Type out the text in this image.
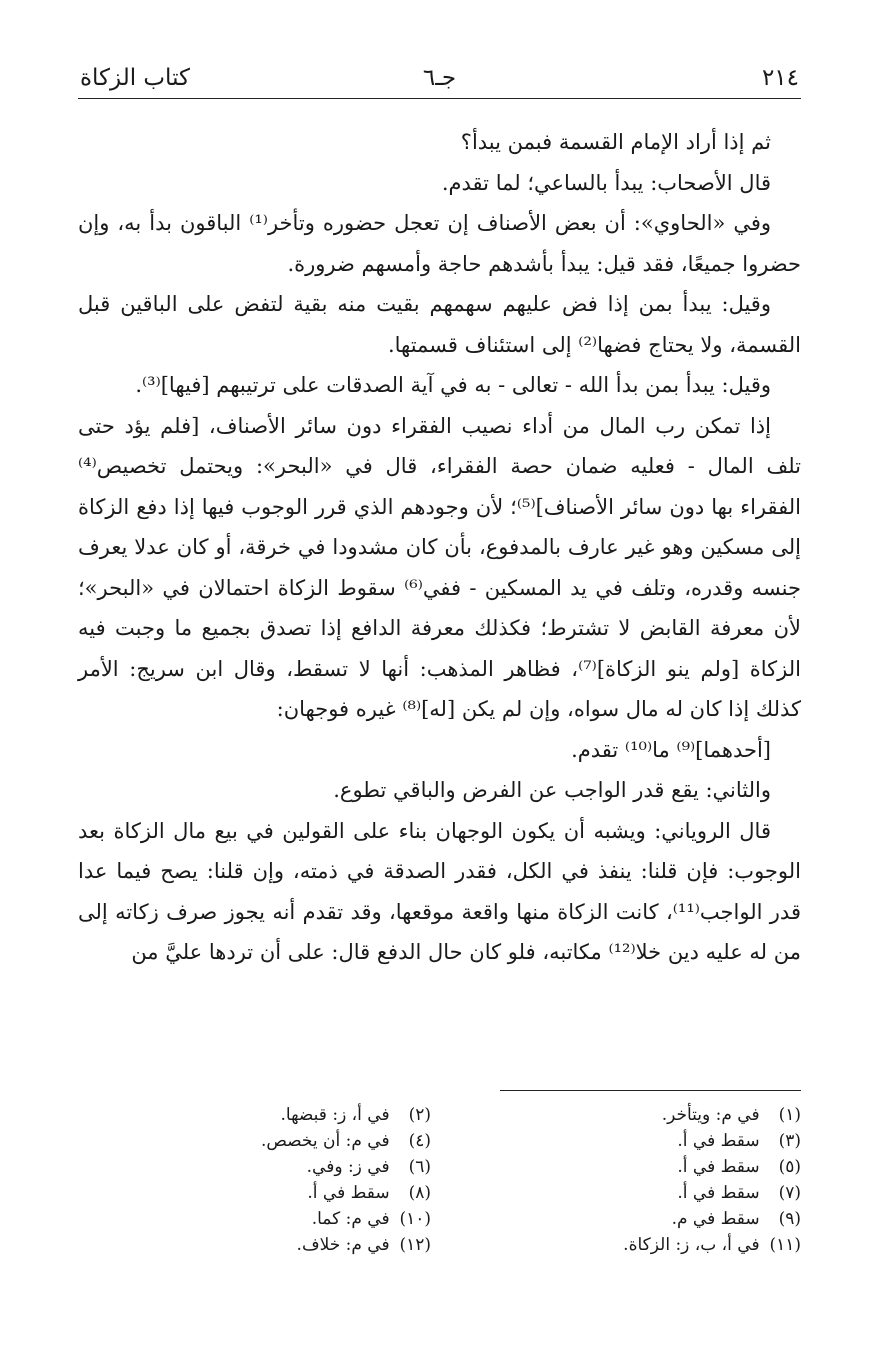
٢١٤
جـ٦
كتاب الزكاة

ثم إذا أراد الإمام القسمة فبمن يبدأ؟

قال الأصحاب: يبدأ بالساعي؛ لما تقدم.

وفي «الحاوي»: أن بعض الأصناف إن تعجل حضوره وتأخر⁽¹⁾ الباقون بدأ به، وإن حضروا جميعًا، فقد قيل: يبدأ بأشدهم حاجة وأمسهم ضرورة.

وقيل: يبدأ بمن إذا فض عليهم سهمهم بقيت منه بقية لتفض على الباقين قبل القسمة، ولا يحتاج فضها⁽²⁾ إلى استئناف قسمتها.

وقيل: يبدأ بمن بدأ الله - تعالى - به في آية الصدقات على ترتيبهم [فيها]⁽³⁾.

إذا تمكن رب المال من أداء نصيب الفقراء دون سائر الأصناف، [فلم يؤد حتى تلف المال - فعليه ضمان حصة الفقراء، قال في «البحر»: ويحتمل تخصيص⁽⁴⁾ الفقراء بها دون سائر الأصناف]⁽⁵⁾؛ لأن وجودهم الذي قرر الوجوب فيها إذا دفع الزكاة إلى مسكين وهو غير عارف بالمدفوع، بأن كان مشدودا في خرقة، أو كان عدلا يعرف جنسه وقدره، وتلف في يد المسكين - ففي⁽⁶⁾ سقوط الزكاة احتمالان في «البحر»؛ لأن معرفة القابض لا تشترط؛ فكذلك معرفة الدافع إذا تصدق بجميع ما وجبت فيه الزكاة [ولم ينو الزكاة]⁽⁷⁾، فظاهر المذهب: أنها لا تسقط، وقال ابن سريج: الأمر كذلك إذا كان له مال سواه، وإن لم يكن [له]⁽⁸⁾ غيره فوجهان:

[أحدهما]⁽⁹⁾ ما⁽¹⁰⁾ تقدم.

والثاني: يقع قدر الواجب عن الفرض والباقي تطوع.

قال الروياني: ويشبه أن يكون الوجهان بناء على القولين في بيع مال الزكاة بعد الوجوب: فإن قلنا: ينفذ في الكل، فقدر الصدقة في ذمته، وإن قلنا: يصح فيما عدا قدر الواجب⁽¹¹⁾، كانت الزكاة منها واقعة موقعها، وقد تقدم أنه يجوز صرف زكاته إلى من له عليه دين خلا⁽¹²⁾ مكاتبه، فلو كان حال الدفع قال: على أن تردها عليَّ من

(١) في م: ويتأخر.
(٢) في أ، ز: قبضها.
(٣) سقط في أ.
(٤) في م: أن يخصص.
(٥) سقط في أ.
(٦) في ز: وفي.
(٧) سقط في أ.
(٨) سقط في أ.
(٩) سقط في م.
(١٠) في م: كما.
(١١) في أ، ب، ز: الزكاة.
(١٢) في م: خلاف.
